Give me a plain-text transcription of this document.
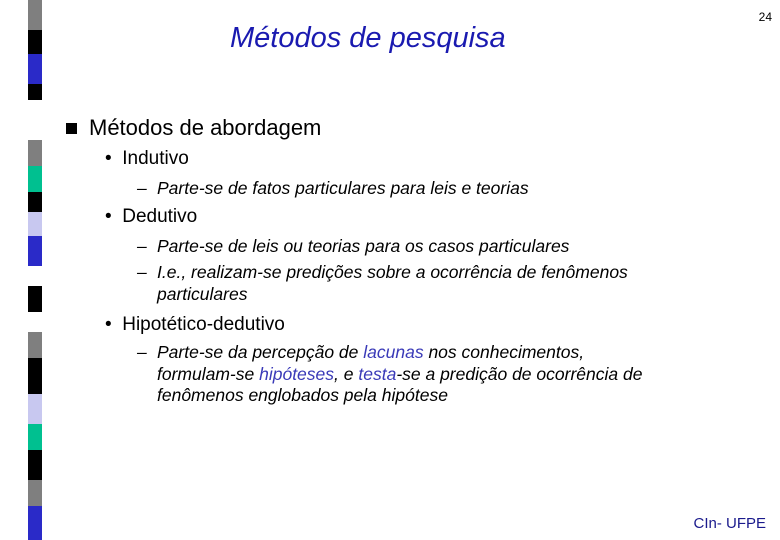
24
Métodos de pesquisa
Métodos de abordagem
• Indutivo
– Parte-se de fatos particulares para leis e teorias
• Dedutivo
– Parte-se de leis ou teorias para os casos particulares
– I.e., realizam-se predições sobre a ocorrência de fenômenos
particulares
• Hipotético-dedutivo
– Parte-se da percepção de lacunas nos conhecimentos,
formulam-se hipóteses, e testa-se a predição de ocorrência de
fenômenos englobados pela hipótese
CIn- UFPE
